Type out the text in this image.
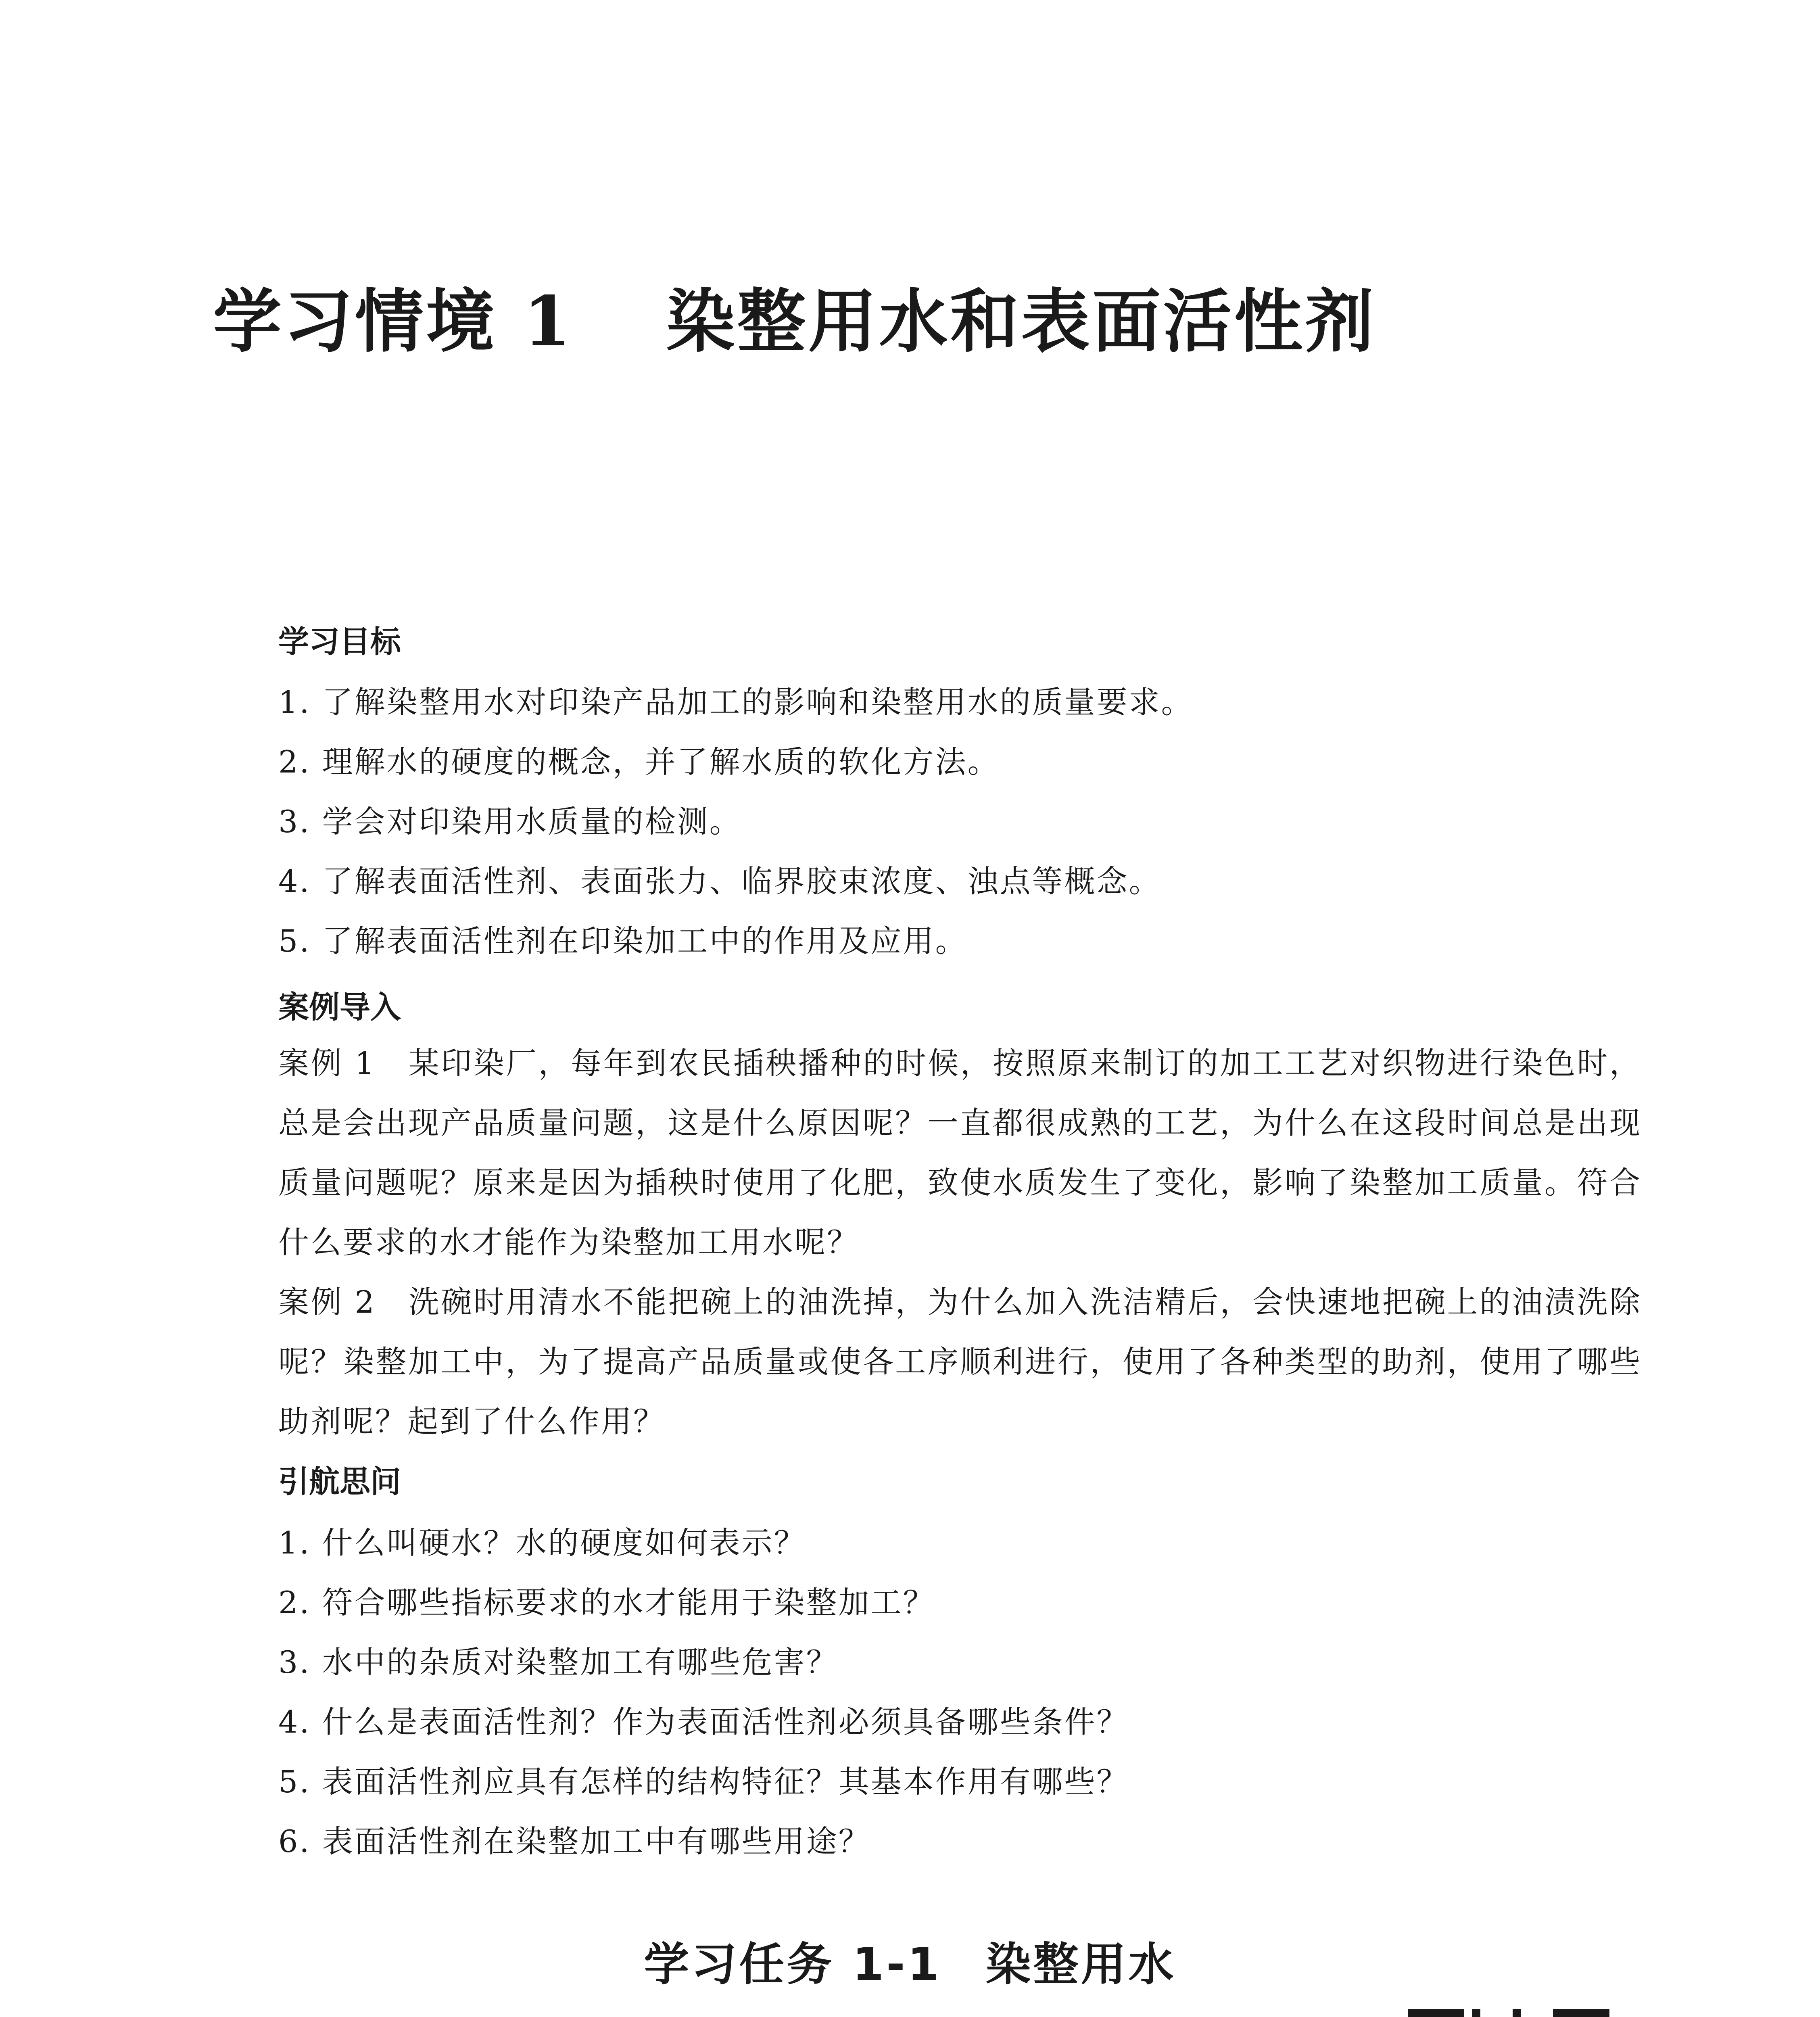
学习情境 1 染整用水和表面活性剂

学习目标

1. 了解染整用水对印染产品加工的影响和染整用水的质量要求。

2. 理解水的硬度的概念，并了解水质的软化方法。

3. 学会对印染用水质量的检测。

4. 了解表面活性剂、表面张力、临界胶束浓度、浊点等概念。

5. 了解表面活性剂在印染加工中的作用及应用。

案例导入

案例 1　某印染厂，每年到农民插秧播种的时候，按照原来制订的加工工艺对织物进行染色时，总是会出现产品质量问题，这是什么原因呢？一直都很成熟的工艺，为什么在这段时间总是出现质量问题呢？原来是因为插秧时使用了化肥，致使水质发生了变化，影响了染整加工质量。符合什么要求的水才能作为染整加工用水呢？

案例 2　洗碗时用清水不能把碗上的油洗掉，为什么加入洗洁精后，会快速地把碗上的油渍洗除呢？染整加工中，为了提高产品质量或使各工序顺利进行，使用了各种类型的助剂，使用了哪些助剂呢？起到了什么作用？

引航思问

1. 什么叫硬水？水的硬度如何表示？

2. 符合哪些指标要求的水才能用于染整加工？

3. 水中的杂质对染整加工有哪些危害？

4. 什么是表面活性剂？作为表面活性剂必须具备哪些条件？

5. 表面活性剂应具有怎样的结构特征？其基本作用有哪些？

6. 表面活性剂在染整加工中有哪些用途？

学习任务 1-1 染整用水
